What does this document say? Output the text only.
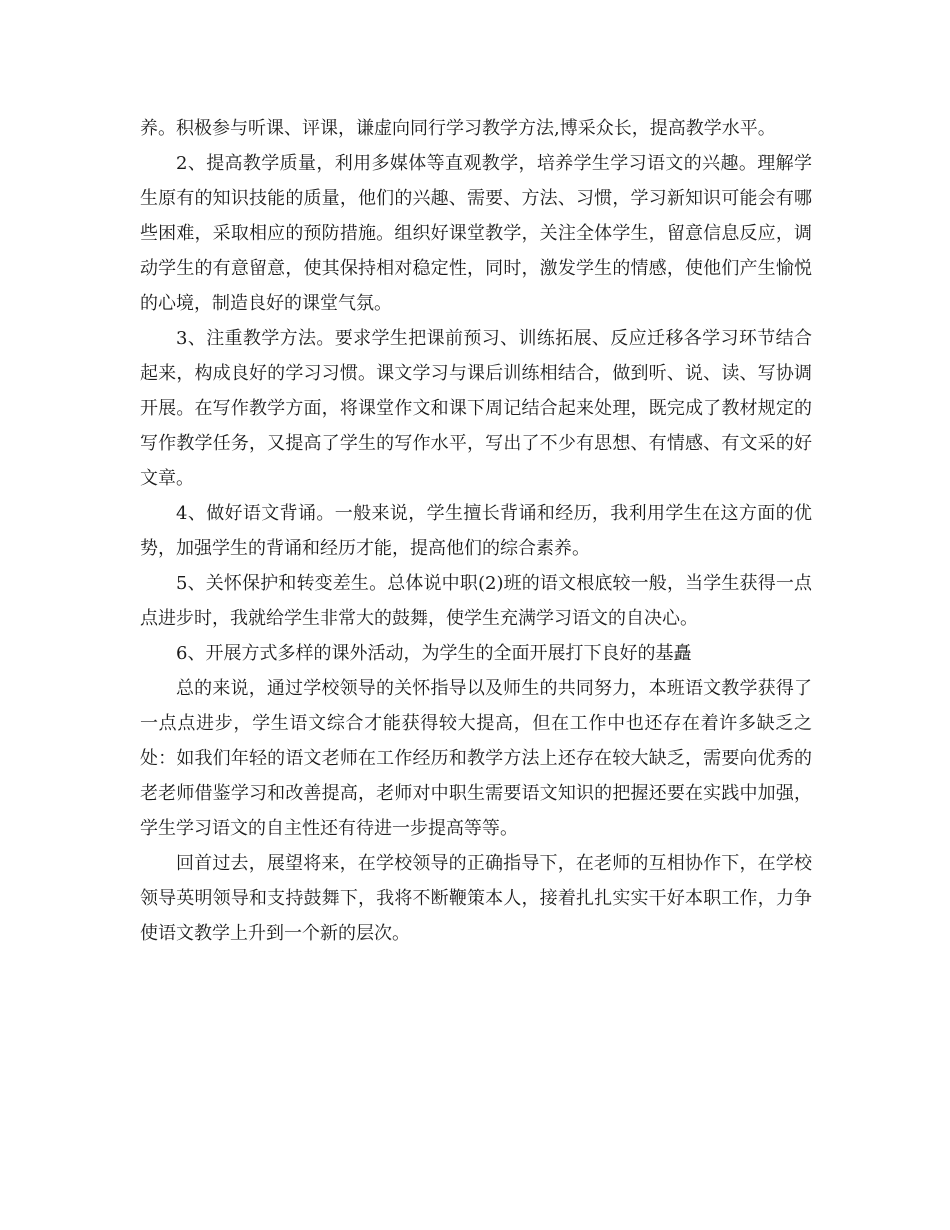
养。积极参与听课、评课，谦虚向同行学习教学方法,博采众长，提高教学水平。

2、提高教学质量，利用多媒体等直观教学，培养学生学习语文的兴趣。理解学生原有的知识技能的质量，他们的兴趣、需要、方法、习惯，学习新知识可能会有哪些困难，采取相应的预防措施。组织好课堂教学，关注全体学生，留意信息反应，调动学生的有意留意，使其保持相对稳定性，同时，激发学生的情感，使他们产生愉悦的心境，制造良好的课堂气氛。

3、注重教学方法。要求学生把课前预习、训练拓展、反应迁移各学习环节结合起来，构成良好的学习习惯。课文学习与课后训练相结合，做到听、说、读、写协调开展。在写作教学方面，将课堂作文和课下周记结合起来处理，既完成了教材规定的写作教学任务，又提高了学生的写作水平，写出了不少有思想、有情感、有文采的好文章。

4、做好语文背诵。一般来说，学生擅长背诵和经历，我利用学生在这方面的优势，加强学生的背诵和经历才能，提高他们的综合素养。

5、关怀保护和转变差生。总体说中职(2)班的语文根底较一般，当学生获得一点点进步时，我就给学生非常大的鼓舞，使学生充满学习语文的自决心。

6、开展方式多样的课外活动，为学生的全面开展打下良好的基矗

总的来说，通过学校领导的关怀指导以及师生的共同努力，本班语文教学获得了一点点进步，学生语文综合才能获得较大提高，但在工作中也还存在着许多缺乏之处：如我们年轻的语文老师在工作经历和教学方法上还存在较大缺乏，需要向优秀的老老师借鉴学习和改善提高，老师对中职生需要语文知识的把握还要在实践中加强，学生学习语文的自主性还有待进一步提高等等。

回首过去，展望将来，在学校领导的正确指导下，在老师的互相协作下，在学校领导英明领导和支持鼓舞下，我将不断鞭策本人，接着扎扎实实干好本职工作，力争使语文教学上升到一个新的层次。
